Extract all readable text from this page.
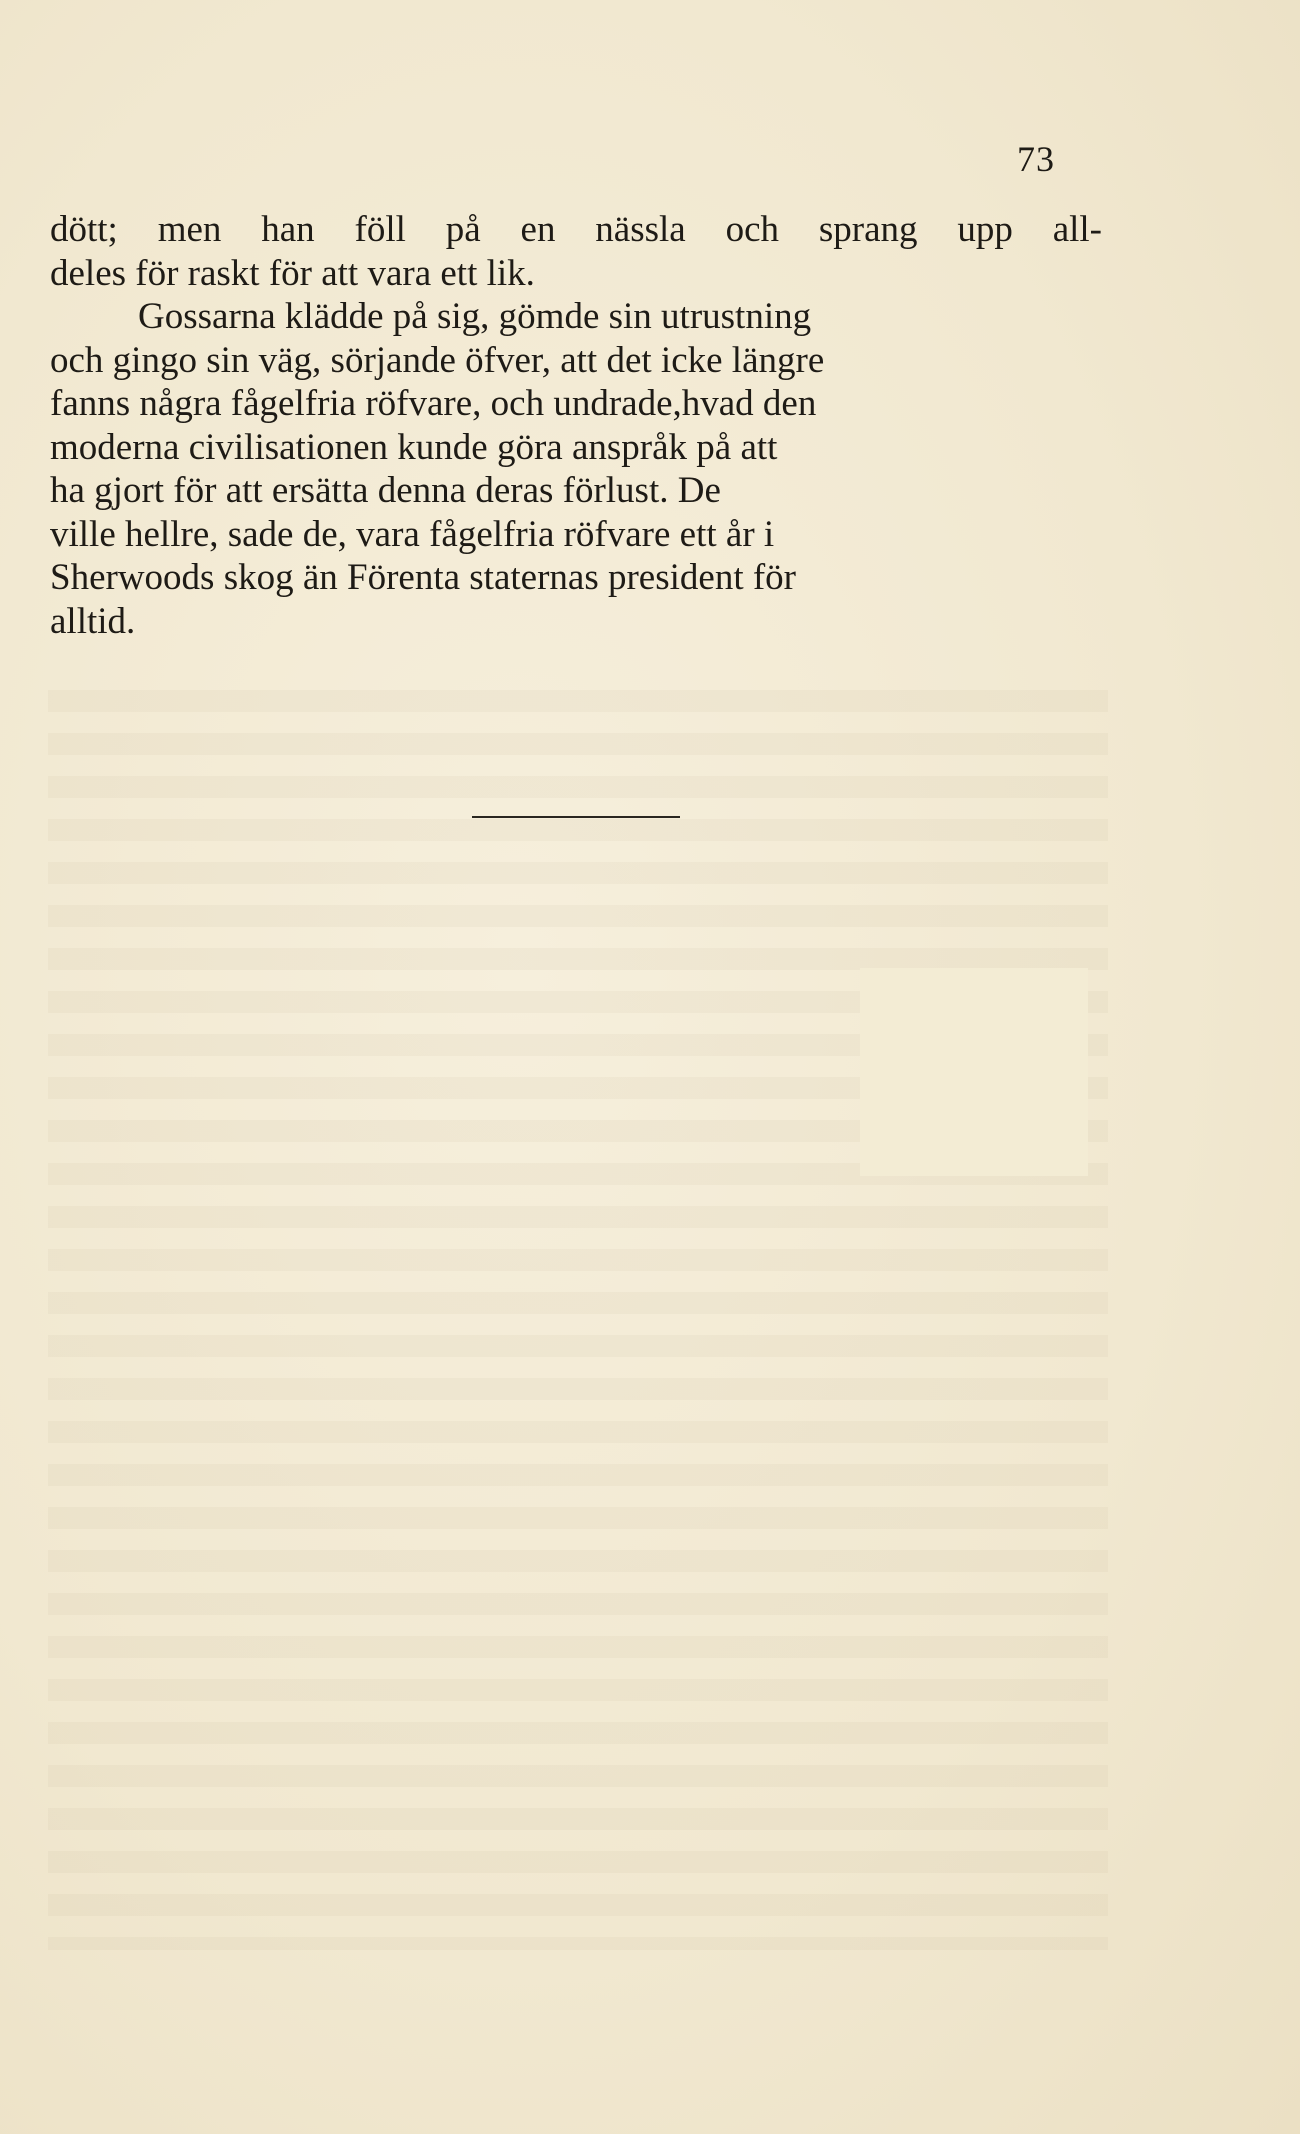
73

dött; men han föll på en nässla och sprang upp all-
deles för raskt för att vara ett lik.

Gossarna klädde på sig, gömde sin utrustning
och gingo sin väg, sörjande öfver, att det icke längre
fanns några fågelfria röfvare, och undrade,hvad den
moderna civilisationen kunde göra anspråk på att
ha gjort för att ersätta denna deras förlust. De
ville hellre, sade de, vara fågelfria röfvare ett år i
Sherwoods skog än Förenta staternas president för
alltid.
